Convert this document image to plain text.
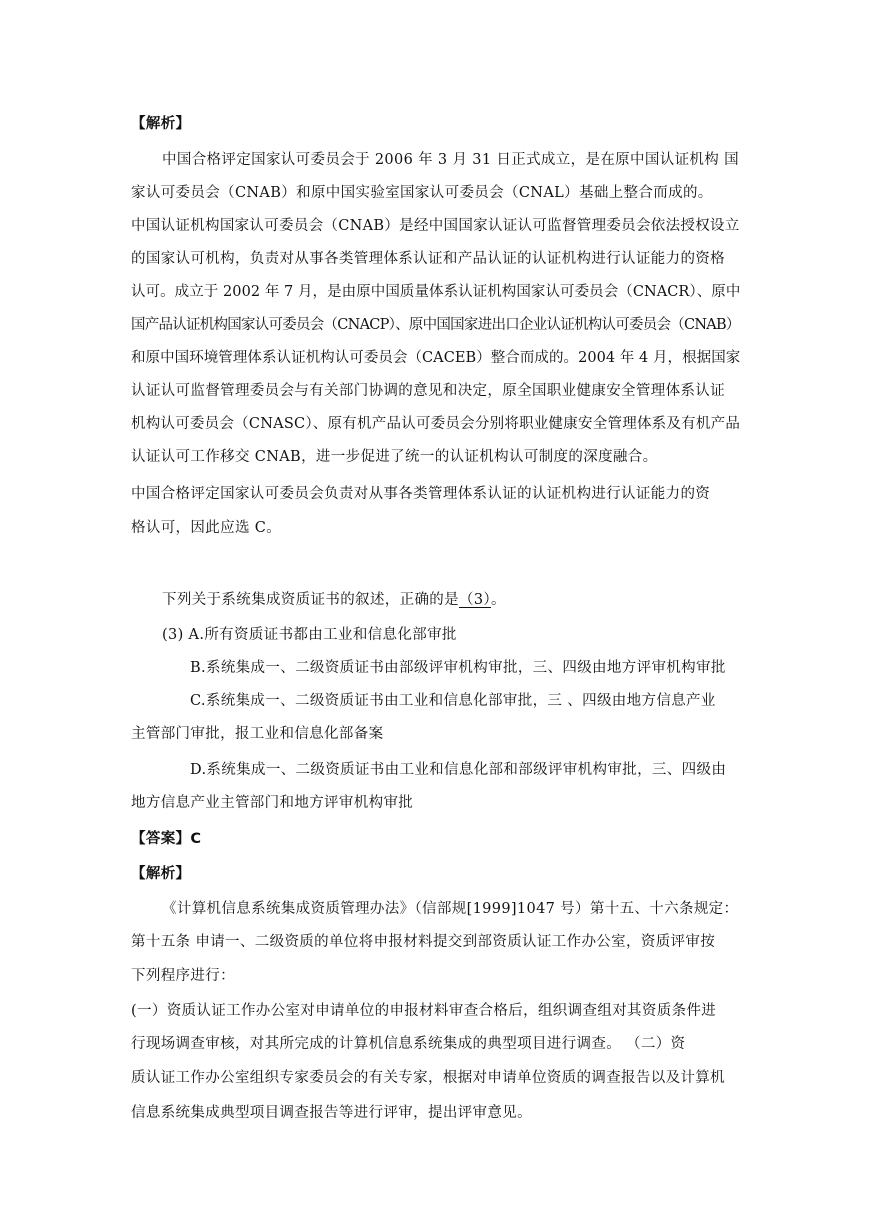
【解析】
中国合格评定国家认可委员会于 2006 年 3 月 31 日正式成立，是在原中国认证机构 国
家认可委员会（CNAB）和原中国实验室国家认可委员会（CNAL）基础上整合而成的。
中国认证机构国家认可委员会（CNAB）是经中国国家认证认可监督管理委员会依法授权设立
的国家认可机构，负责对从事各类管理体系认证和产品认证的认证机构进行认证能力的资格
认可。成立于 2002 年 7 月，是由原中国质量体系认证机构国家认可委员会（CNACR）、原中
国产品认证机构国家认可委员会（CNACP）、原中国国家进出口企业认证机构认可委员会（CNAB）
和原中国环境管理体系认证机构认可委员会（CACEB）整合而成的。2004 年 4 月，根据国家
认证认可监督管理委员会与有关部门协调的意见和决定，原全国职业健康安全管理体系认证
机构认可委员会（CNASC）、原有机产品认可委员会分别将职业健康安全管理体系及有机产品
认证认可工作移交 CNAB，进一步促进了统一的认证机构认可制度的深度融合。
中国合格评定国家认可委员会负责对从事各类管理体系认证的认证机构进行认证能力的资
格认可，因此应选 C。
下列关于系统集成资质证书的叙述，正确的是（3）。
(3) A.所有资质证书都由工业和信息化部审批
B.系统集成一、二级资质证书由部级评审机构审批，三、四级由地方评审机构审批
C.系统集成一、二级资质证书由工业和信息化部审批，三 、四级由地方信息产业
主管部门审批，报工业和信息化部备案
D.系统集成一、二级资质证书由工业和信息化部和部级评审机构审批，三、四级由
地方信息产业主管部门和地方评审机构审批
【答案】C
【解析】
《计算机信息系统集成资质管理办法》（信部规[1999]1047 号）第十五、十六条规定：
第十五条 申请一、二级资质的单位将申报材料提交到部资质认证工作办公室，资质评审按
下列程序进行：
(一）资质认证工作办公室对申请单位的申报材料审查合格后，组织调查组对其资质条件进
行现场调查审核，对其所完成的计算机信息系统集成的典型项目进行调查。 （二）资
质认证工作办公室组织专家委员会的有关专家，根据对申请单位资质的调查报告以及计算机
信息系统集成典型项目调查报告等进行评审，提出评审意见。
